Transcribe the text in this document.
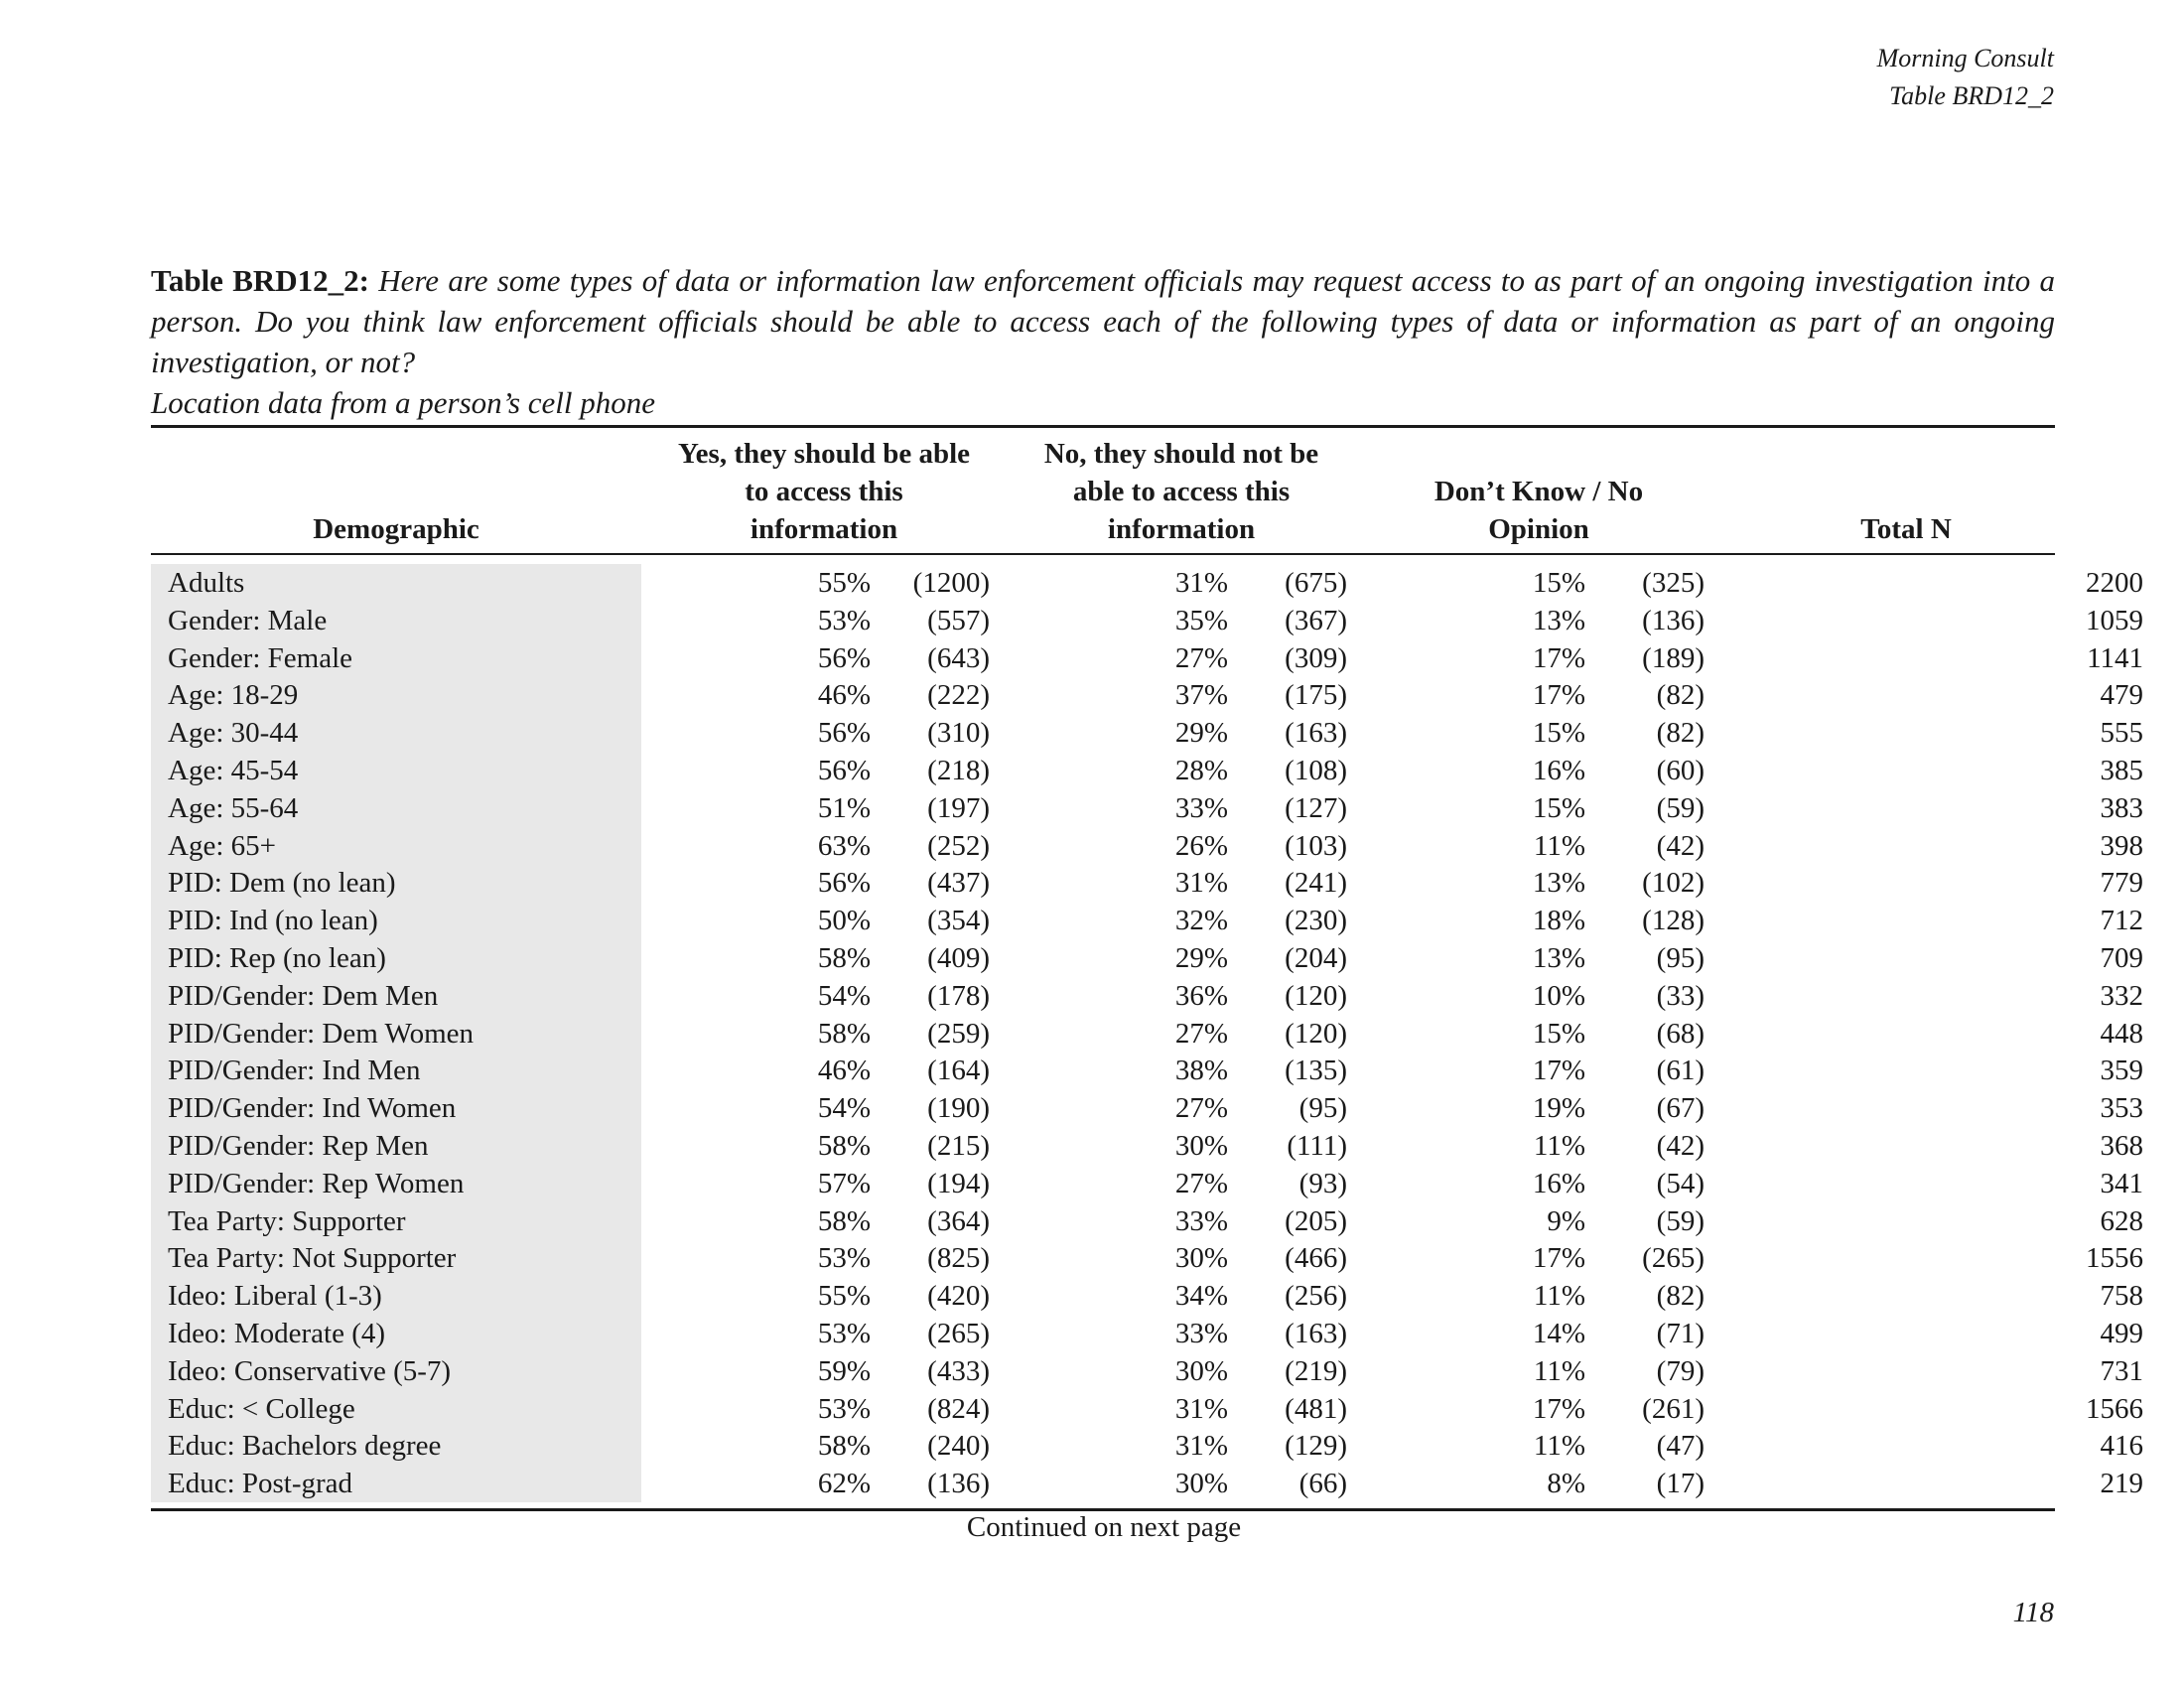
Morning Consult
Table BRD12_2
Table BRD12_2: Here are some types of data or information law enforcement officials may request access to as part of an ongoing investigation into a person. Do you think law enforcement officials should be able to access each of the following types of data or information as part of an ongoing investigation, or not?
Location data from a person’s cell phone
Demographic
Yes, they should be able
to access this
information
No, they should not be
able to access this
information
Don’t Know / No
Opinion	Total N
Adults	55%	(1200)	31%	(675)	15%	(325)	2200
Gender: Male	53%	(557)	35%	(367)	13%	(136)	1059
Gender: Female	56%	(643)	27%	(309)	17%	(189)	1141
Age: 18-29	46%	(222)	37%	(175)	17%	(82)	479
Age: 30-44	56%	(310)	29%	(163)	15%	(82)	555
Age: 45-54	56%	(218)	28%	(108)	16%	(60)	385
Age: 55-64	51%	(197)	33%	(127)	15%	(59)	383
Age: 65+	63%	(252)	26%	(103)	11%	(42)	398
PID: Dem (no lean)	56%	(437)	31%	(241)	13%	(102)	779
PID: Ind (no lean)	50%	(354)	32%	(230)	18%	(128)	712
PID: Rep (no lean)	58%	(409)	29%	(204)	13%	(95)	709
PID/Gender: Dem Men	54%	(178)	36%	(120)	10%	(33)	332
PID/Gender: Dem Women	58%	(259)	27%	(120)	15%	(68)	448
PID/Gender: Ind Men	46%	(164)	38%	(135)	17%	(61)	359
PID/Gender: Ind Women	54%	(190)	27%	(95)	19%	(67)	353
PID/Gender: Rep Men	58%	(215)	30%	(111)	11%	(42)	368
PID/Gender: Rep Women	57%	(194)	27%	(93)	16%	(54)	341
Tea Party: Supporter	58%	(364)	33%	(205)	9%	(59)	628
Tea Party: Not Supporter	53%	(825)	30%	(466)	17%	(265)	1556
Ideo: Liberal (1-3)	55%	(420)	34%	(256)	11%	(82)	758
Ideo: Moderate (4)	53%	(265)	33%	(163)	14%	(71)	499
Ideo: Conservative (5-7)	59%	(433)	30%	(219)	11%	(79)	731
Educ: < College	53%	(824)	31%	(481)	17%	(261)	1566
Educ: Bachelors degree	58%	(240)	31%	(129)	11%	(47)	416
Educ: Post-grad	62%	(136)	30%	(66)	8%	(17)	219
Continued on next page
118
